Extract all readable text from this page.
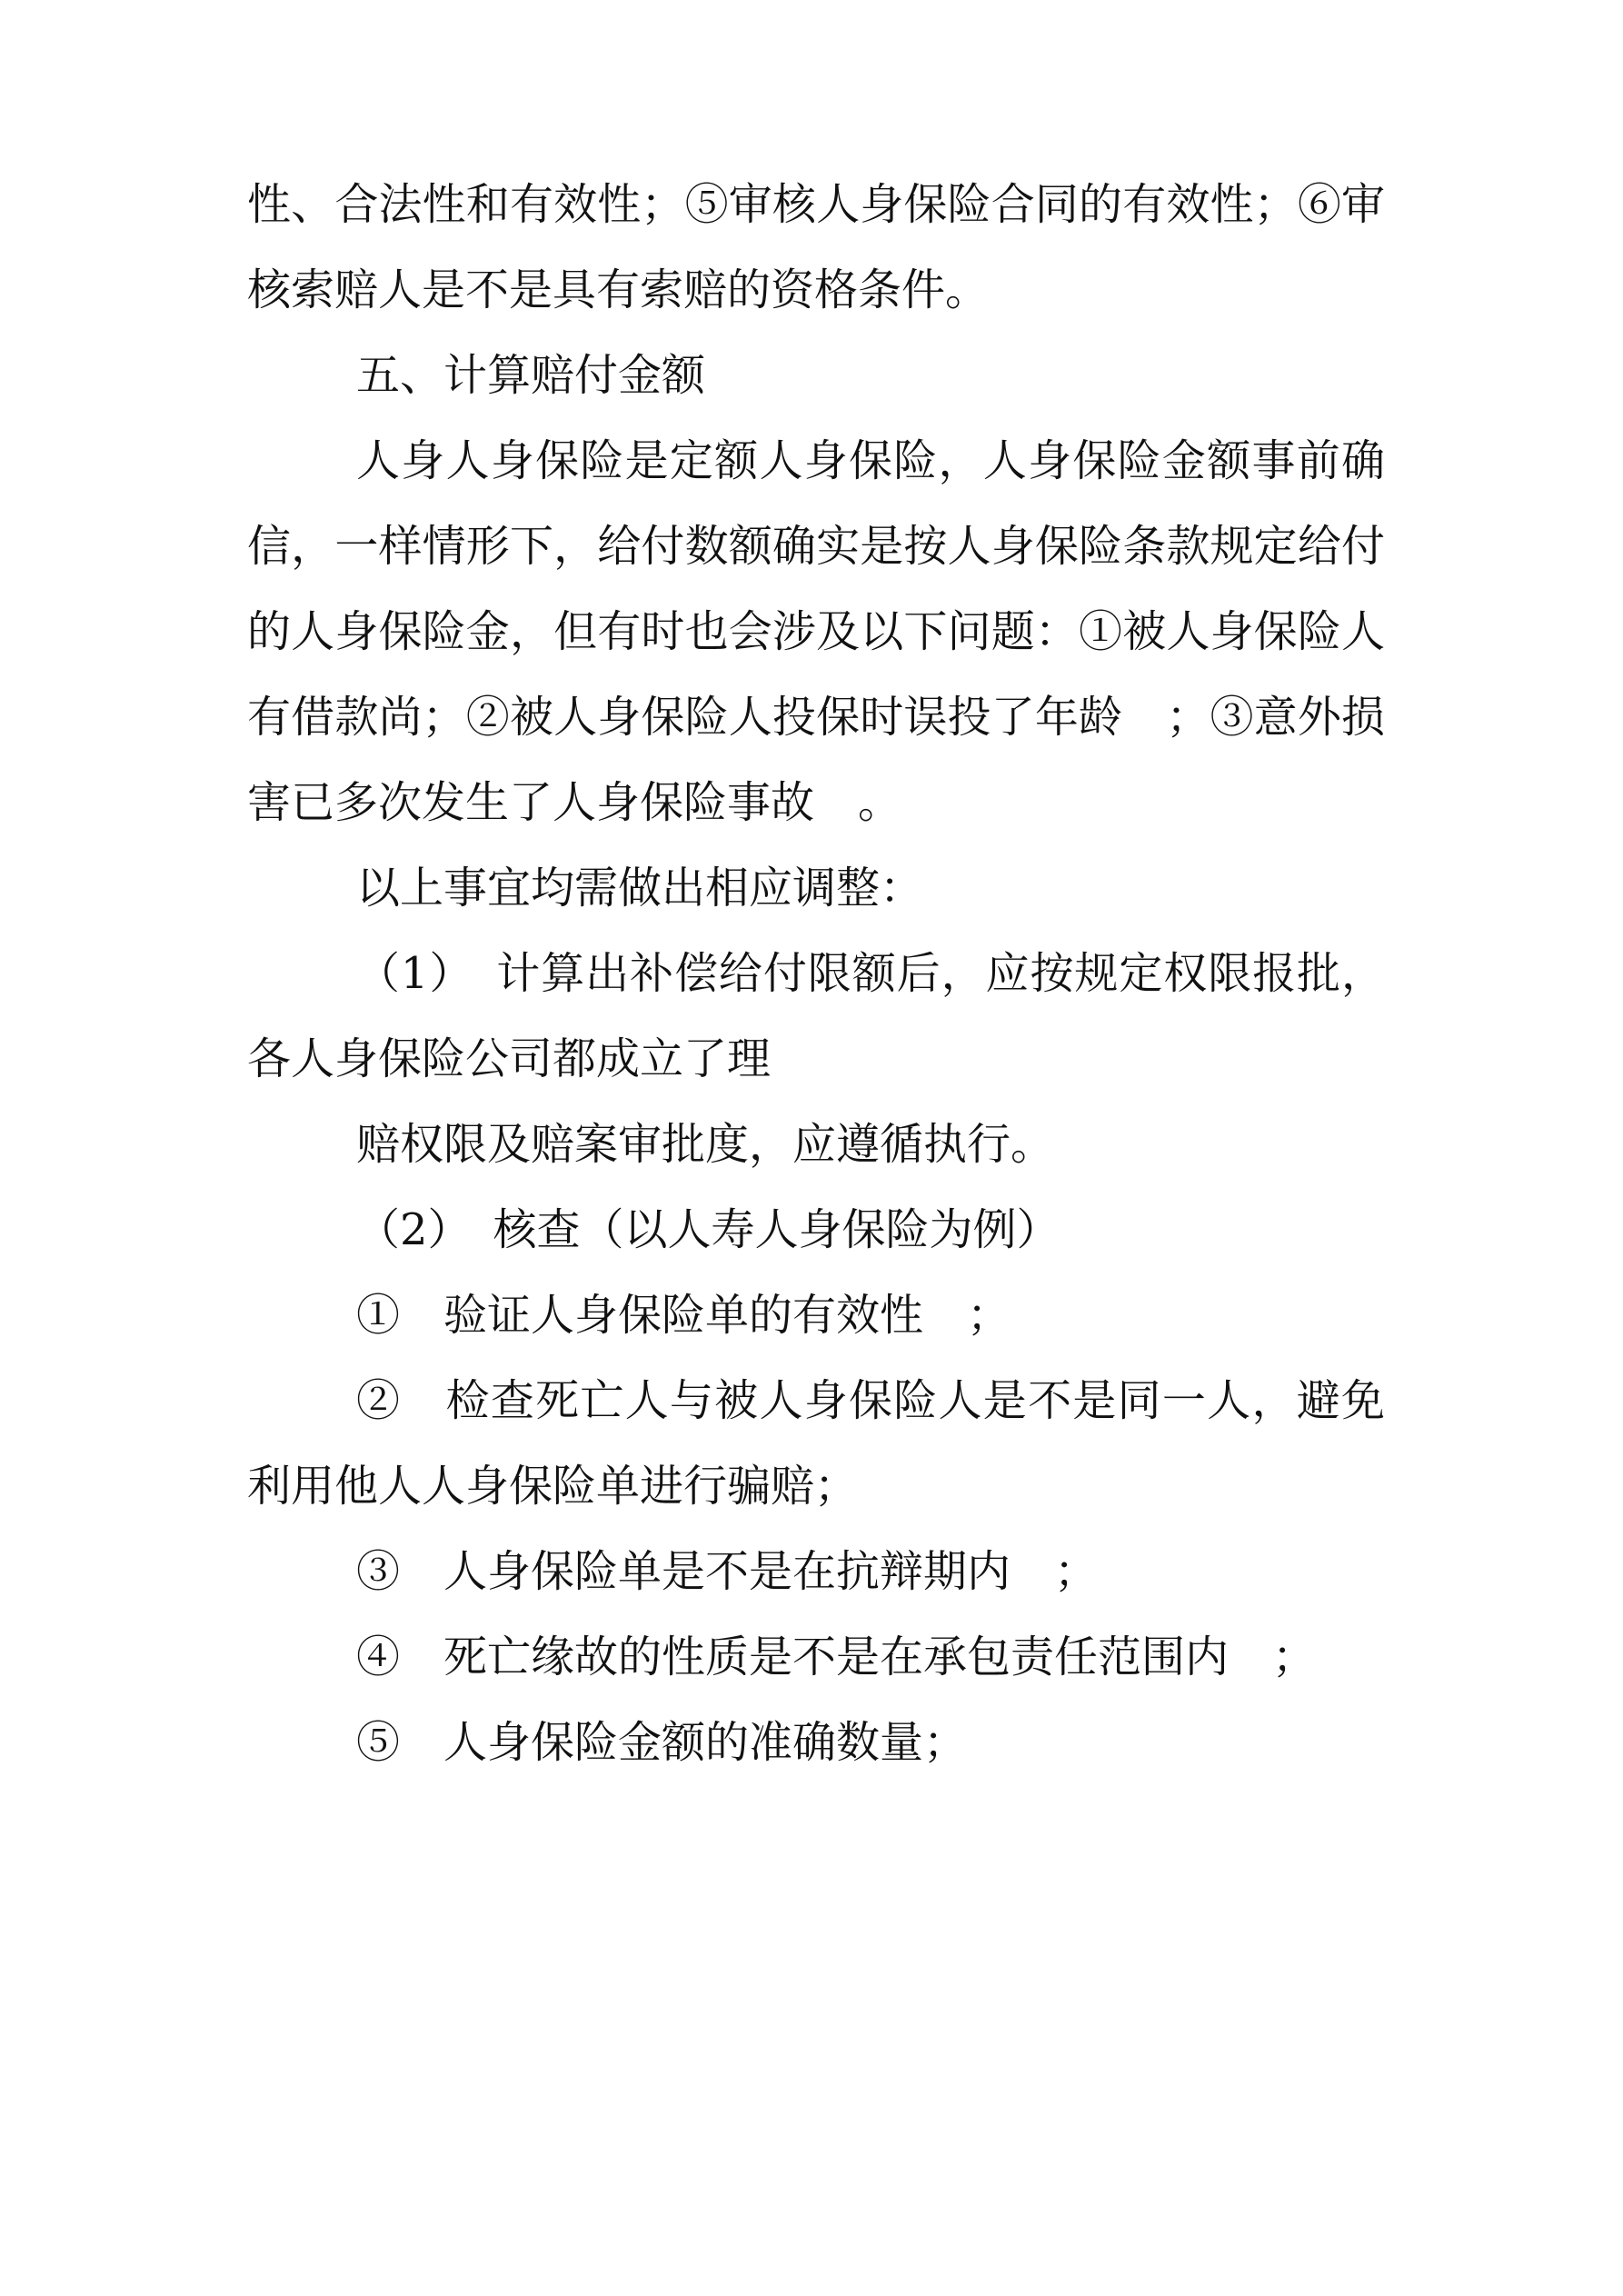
性、合法性和有效性；⑤审核人身保险合同的有效性；⑥审核索赔人是不是具有索赔的资格条件。

五、计算赔付金额

人身人身保险是定额人身保险，人身保险金额事前确信，一样情形下，给付数额确实是按人身保险条款规定给付的人身保险金，但有时也会涉及以下问题：①被人身保险人有借款尚；②被人身保险人投保时误投了年龄　；③意外损害已多次发生了人身保险事故　。

以上事宜均需做出相应调整：

（1）　计算出补偿给付限额后，应按规定权限报批，各人身保险公司都成立了理

赔权限及赔案审批度，应遵循执行。

（2）　核查（以人寿人身保险为例）

①　验证人身保险单的有效性　；

②　检查死亡人与被人身保险人是不是同一人，避免利用他人人身保险单进行骗赔；

③　人身保险单是不是在抗辩期内　；

④　死亡缘故的性质是不是在承包责任范围内　；

⑤　人身保险金额的准确数量；
